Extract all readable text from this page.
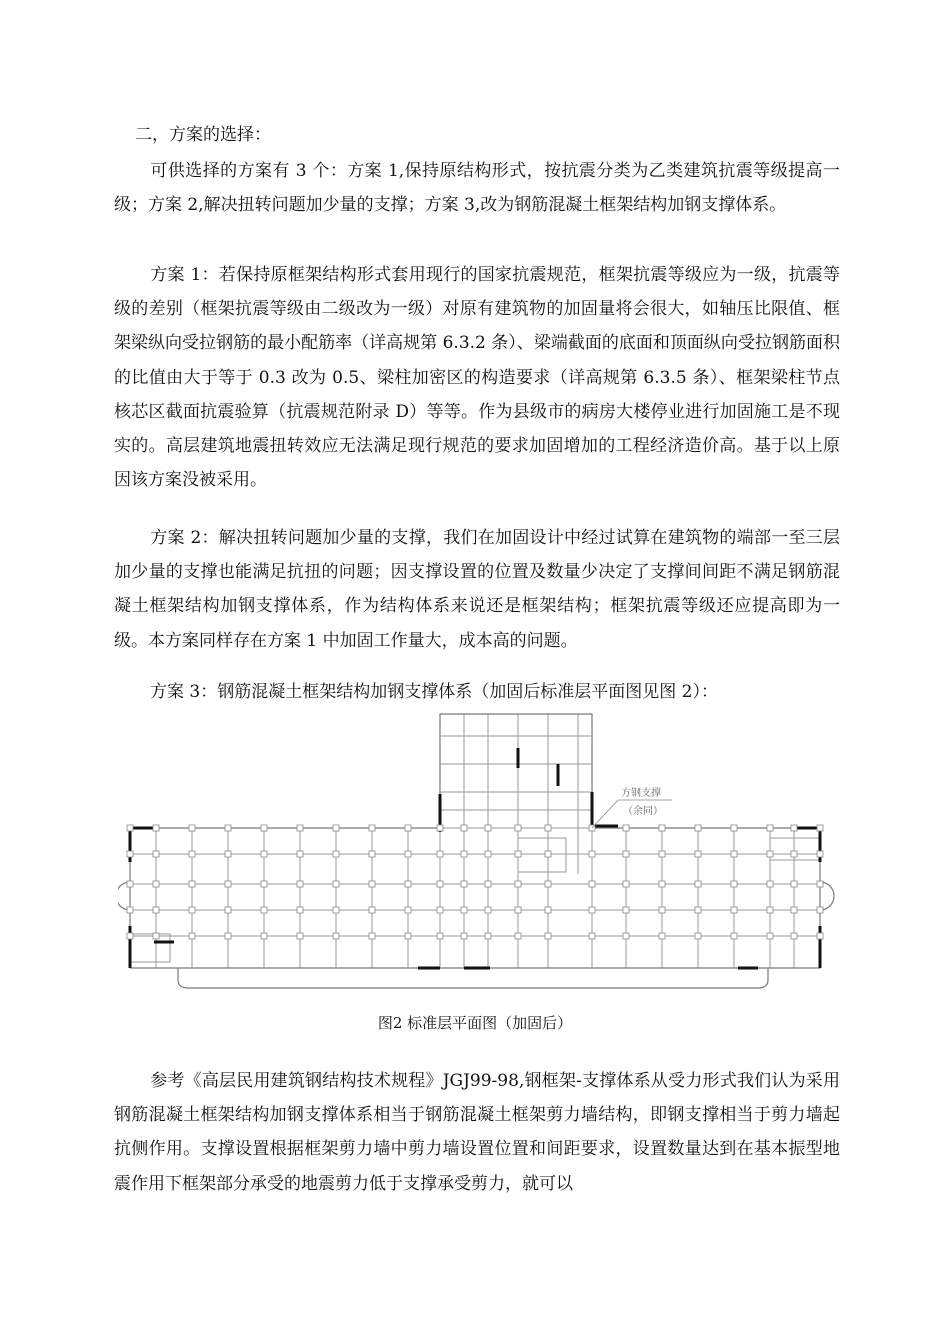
二，方案的选择：

可供选择的方案有 3 个：方案 1,保持原结构形式，按抗震分类为乙类建筑抗震等级提高一级；方案 2,解决扭转问题加少量的支撑；方案 3,改为钢筋混凝土框架结构加钢支撑体系。

方案 1：若保持原框架结构形式套用现行的国家抗震规范，框架抗震等级应为一级，抗震等级的差别（框架抗震等级由二级改为一级）对原有建筑物的加固量将会很大，如轴压比限值、框架梁纵向受拉钢筋的最小配筋率（详高规第 6.3.2 条）、梁端截面的底面和顶面纵向受拉钢筋面积的比值由大于等于 0.3 改为 0.5、梁柱加密区的构造要求（详高规第 6.3.5 条）、框架梁柱节点核芯区截面抗震验算（抗震规范附录 D）等等。作为县级市的病房大楼停业进行加固施工是不现实的。高层建筑地震扭转效应无法满足现行规范的要求加固增加的工程经济造价高。基于以上原因该方案没被采用。

方案 2：解决扭转问题加少量的支撑，我们在加固设计中经过试算在建筑物的端部一至三层加少量的支撑也能满足抗扭的问题；因支撑设置的位置及数量少决定了支撑间间距不满足钢筋混凝土框架结构加钢支撑体系，作为结构体系来说还是框架结构；框架抗震等级还应提高即为一级。本方案同样存在方案 1 中加固工作量大，成本高的问题。

方案 3：钢筋混凝土框架结构加钢支撑体系（加固后标准层平面图见图 2）：

方钢支撑
（余同）
图2 标准层平面图（加固后）

参考《高层民用建筑钢结构技术规程》JGJ99-98,钢框架-支撑体系从受力形式我们认为采用钢筋混凝土框架结构加钢支撑体系相当于钢筋混凝土框架剪力墙结构，即钢支撑相当于剪力墙起抗侧作用。支撑设置根据框架剪力墙中剪力墙设置位置和间距要求，设置数量达到在基本振型地震作用下框架部分承受的地震剪力低于支撑承受剪力，就可以
